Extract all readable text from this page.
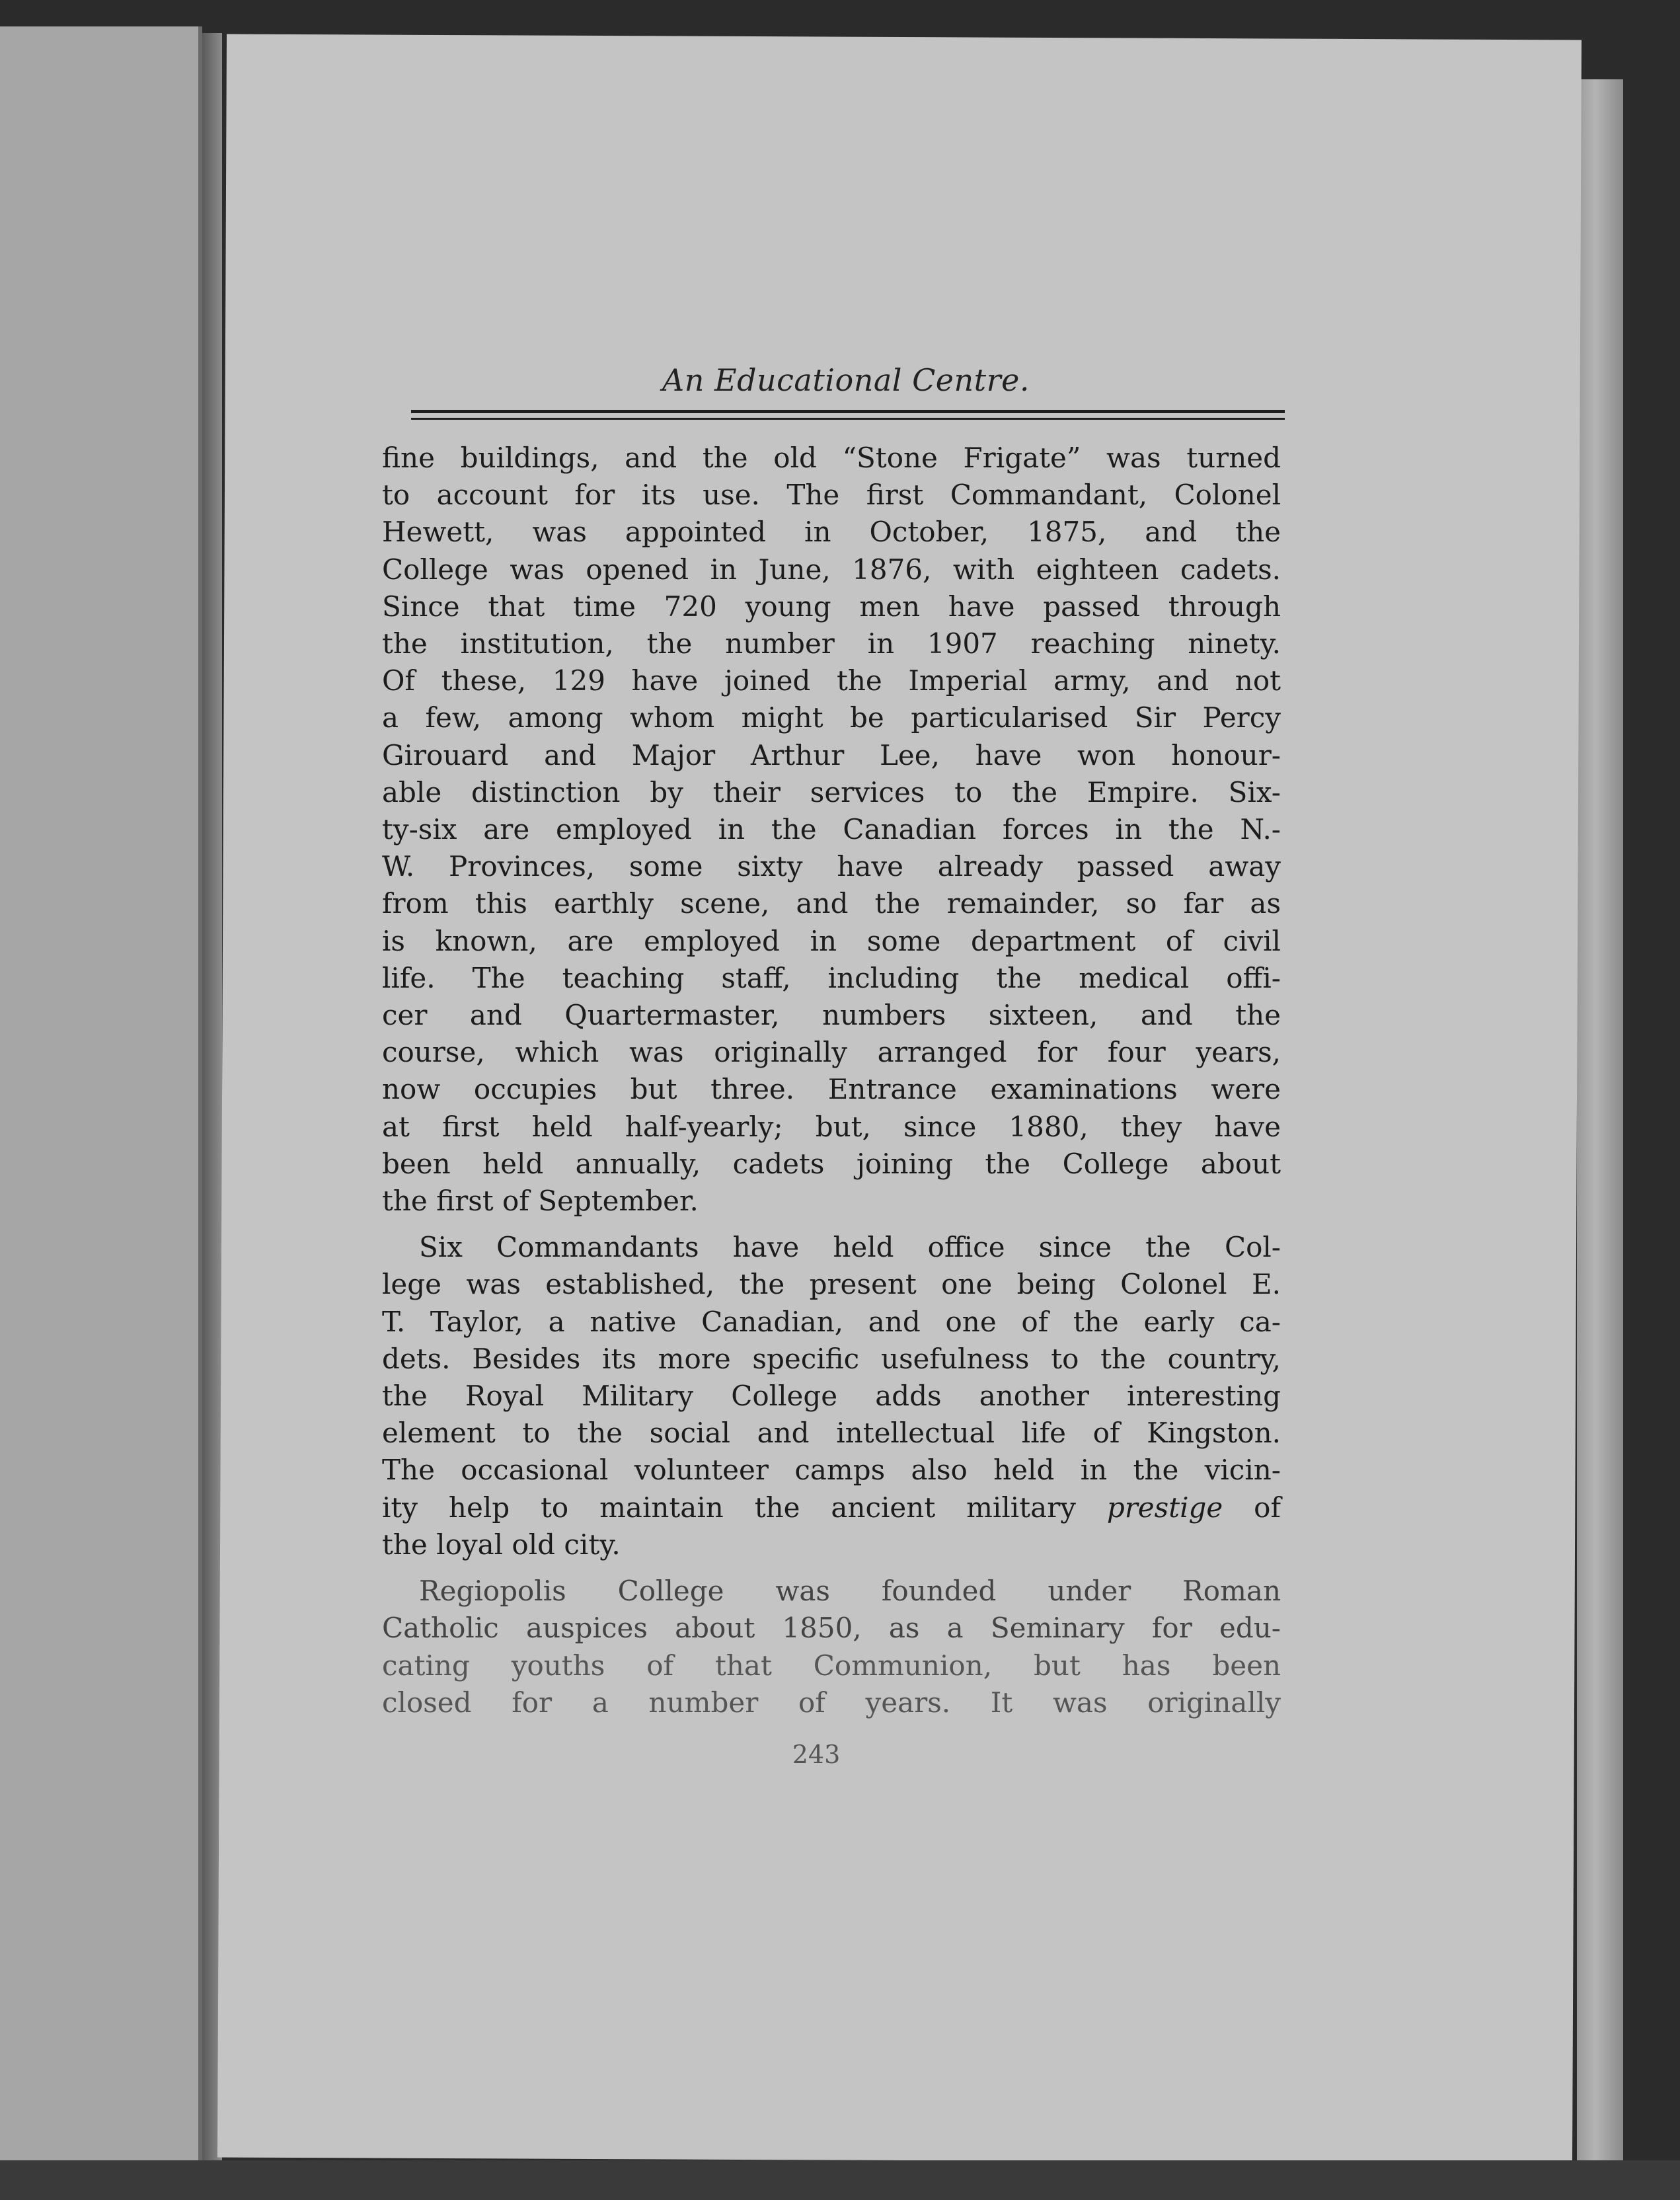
An Educational Centre.
fine buildings, and the old “Stone Frigate” was turned
to account for its use. The first Commandant, Colonel
Hewett, was appointed in October, 1875, and the
College was opened in June, 1876, with eighteen cadets.
Since that time 720 young men have passed through
the institution, the number in 1907 reaching ninety.
Of these, 129 have joined the Imperial army, and not
a few, among whom might be particularised Sir Percy
Girouard and Major Arthur Lee, have won honour-
able distinction by their services to the Empire. Six-
ty-six are employed in the Canadian forces in the N.-
W. Provinces, some sixty have already passed away
from this earthly scene, and the remainder, so far as
is known, are employed in some department of civil
life. The teaching staff, including the medical offi-
cer and Quartermaster, numbers sixteen, and the
course, which was originally arranged for four years,
now occupies but three. Entrance examinations were
at first held half-yearly; but, since 1880, they have
been held annually, cadets joining the College about
the first of September.
Six Commandants have held office since the Col-
lege was established, the present one being Colonel E.
T. Taylor, a native Canadian, and one of the early ca-
dets. Besides its more specific usefulness to the country,
the Royal Military College adds another interesting
element to the social and intellectual life of Kingston.
The occasional volunteer camps also held in the vicin-
ity help to maintain the ancient military prestige of
the loyal old city.
Regiopolis College was founded under Roman
Catholic auspices about 1850, as a Seminary for edu-
cating youths of that Communion, but has been
closed for a number of years. It was originally
243
